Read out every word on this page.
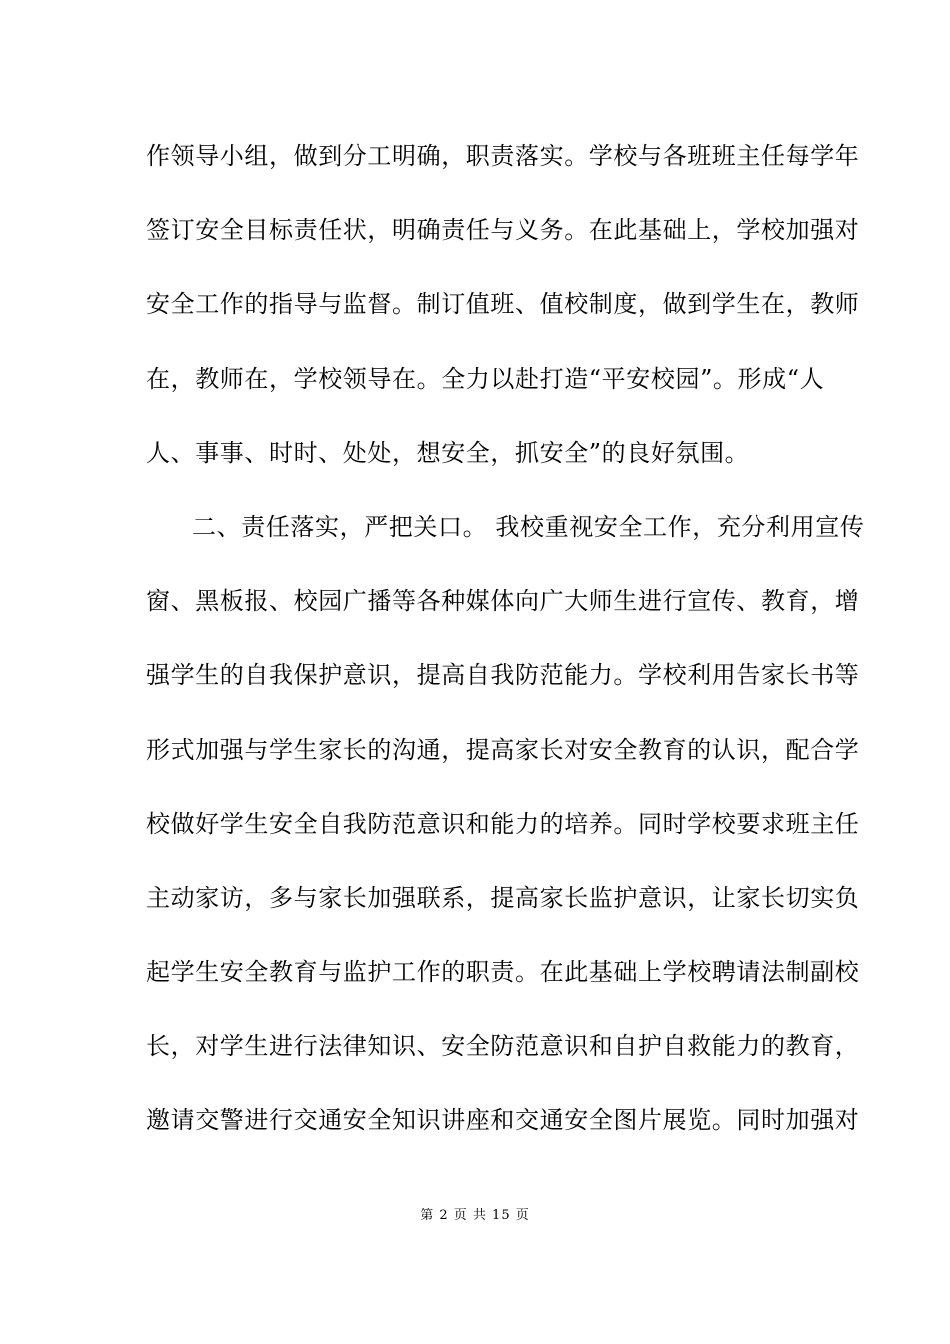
作领导小组，做到分工明确，职责落实。学校与各班班主任每学年
签订安全目标责任状，明确责任与义务。在此基础上，学校加强对
安全工作的指导与监督。制订值班、值校制度，做到学生在，教师
在，教师在，学校领导在。全力以赴打造“平安校园”。形成“人
人、事事、时时、处处，想安全，抓安全”的良好氛围。
二、责任落实，严把关口。 我校重视安全工作，充分利用宣传
窗、黑板报、校园广播等各种媒体向广大师生进行宣传、教育，增
强学生的自我保护意识，提高自我防范能力。学校利用告家长书等
形式加强与学生家长的沟通，提高家长对安全教育的认识，配合学
校做好学生安全自我防范意识和能力的培养。同时学校要求班主任
主动家访，多与家长加强联系，提高家长监护意识，让家长切实负
起学生安全教育与监护工作的职责。在此基础上学校聘请法制副校
长，对学生进行法律知识、安全防范意识和自护自救能力的教育，
邀请交警进行交通安全知识讲座和交通安全图片展览。同时加强对
第 2 页 共 15 页
